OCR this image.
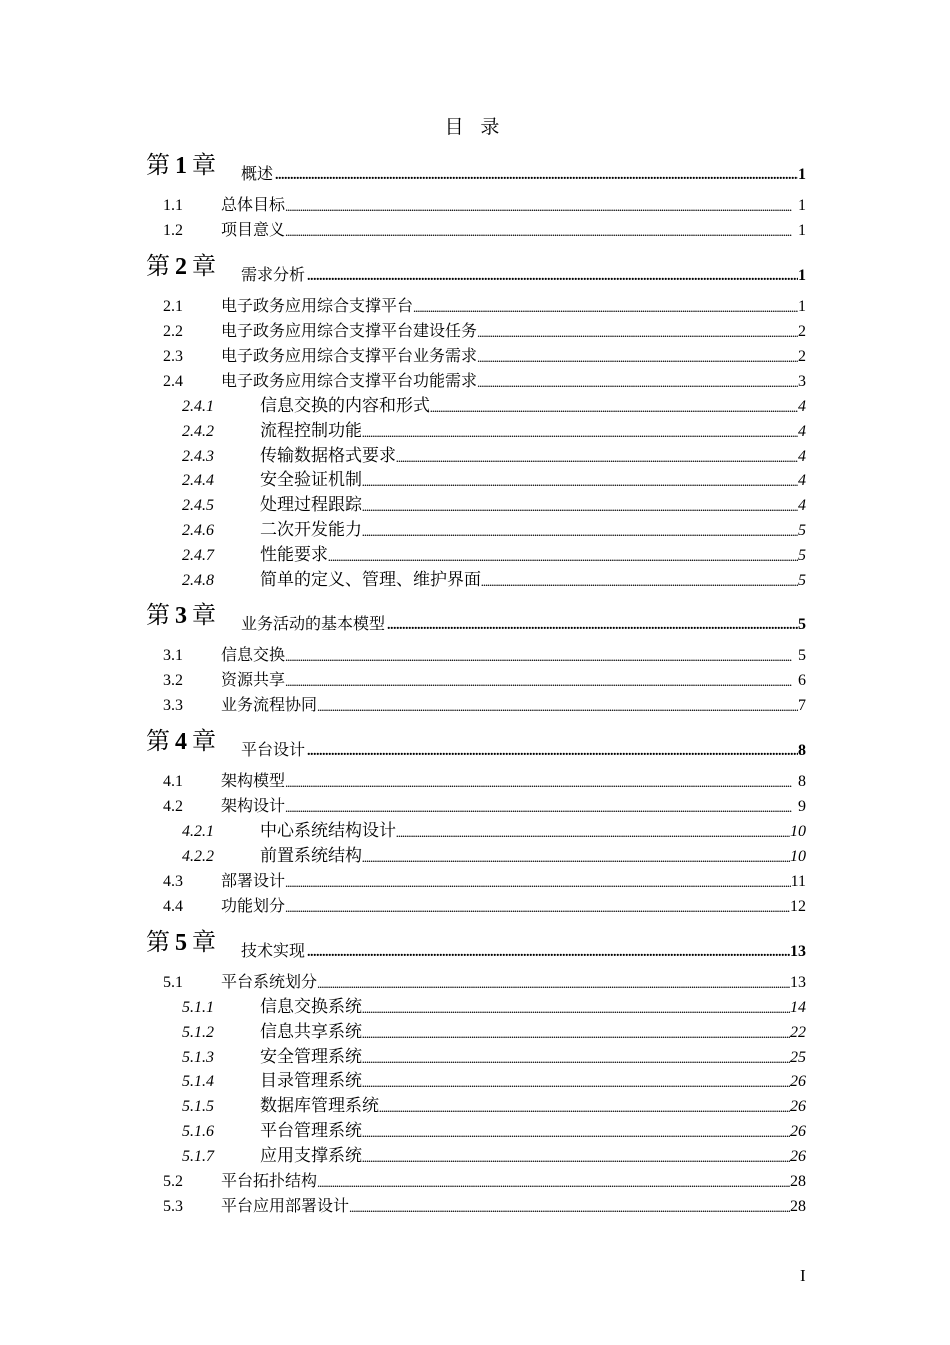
目 录
第 1 章 概述 . . .	1
1.1 总体目标 . . .	1
1.2 项目意义 . . .	1
第 2 章 需求分析 . . .	1
2.1 电子政务应用综合支撑平台 . . .	1
2.2 电子政务应用综合支撑平台建设任务 . . .	2
2.3 电子政务应用综合支撑平台业务需求 . . .	2
2.4 电子政务应用综合支撑平台功能需求 . . .	3
2.4.1	信息交换的内容和形式 . . .	4
2.4.2	流程控制功能 . . .	4
2.4.3	传输数据格式要求 . . .	4
2.4.4	安全验证机制 . . .	4
2.4.5	处理过程跟踪 . . .	4
2.4.6	二次开发能力 . . .	5
2.4.7	性能要求 . . .	5
2.4.8	简单的定义、管理、维护界面 . . .	5
第 3 章 业务活动的基本模型 . . .	5
3.1 信息交换 . . .	5
3.2 资源共享 . . .	6
3.3 业务流程协同 . . .	7
第 4 章 平台设计 . . .	8
4.1 架构模型 . . .	8
4.2 架构设计 . . .	9
4.2.1	中心系统结构设计 . . .	10
4.2.2	前置系统结构 . . .	10
4.3 部署设计 . . .	11
4.4 功能划分 . . .	12
第 5 章 技术实现 . . .	13
5.1 平台系统划分 . . .	13
5.1.1	信息交换系统 . . .	14
5.1.2	信息共享系统 . . .	22
5.1.3	安全管理系统 . . .	25
5.1.4	目录管理系统 . . .	26
5.1.5	数据库管理系统 . . .	26
5.1.6	平台管理系统 . . .	26
5.1.7	应用支撑系统 . . .	26
5.2 平台拓扑结构 . . .	28
5.3 平台应用部署设计 . . .	28
I
